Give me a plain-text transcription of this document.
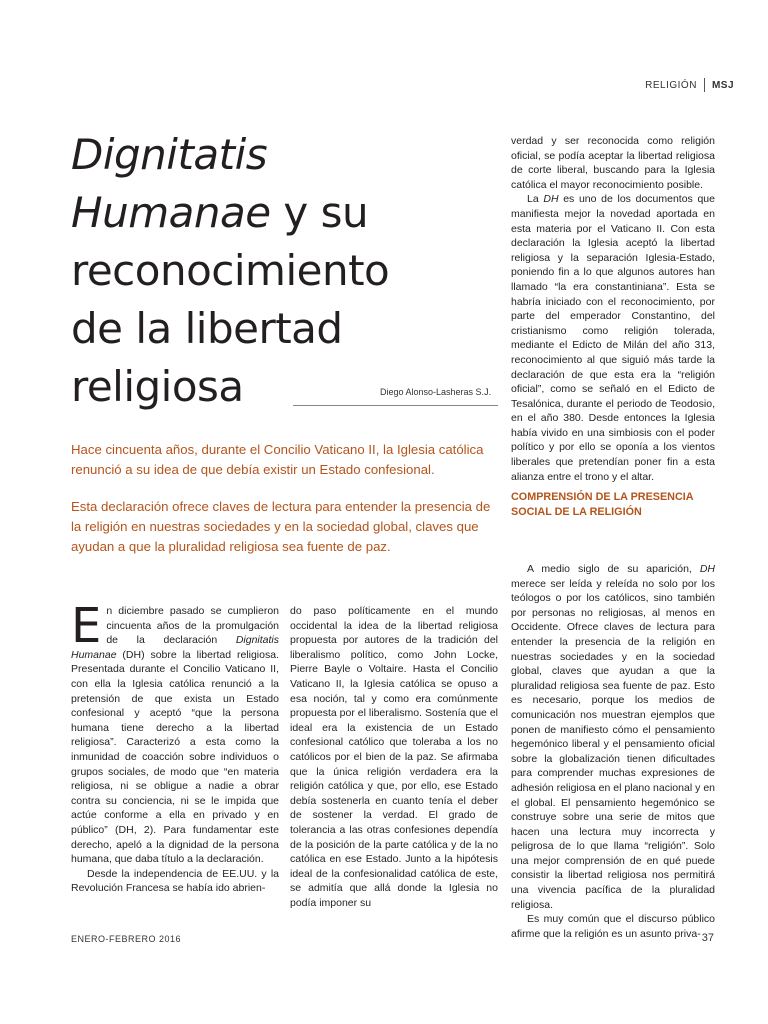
RELIGIÓN MSJ
Dignitatis
Humanae y su
reconocimiento
de la libertad
religiosa	Diego Alonso-Lasheras S.J.

Hace cincuenta años, durante el Concilio Vaticano II, la Iglesia católica renunció a su idea de que debía existir un Estado confesional.

Esta declaración ofrece claves de lectura para entender la presencia de la religión en nuestras sociedades y en la sociedad global, claves que ayudan a que la pluralidad religiosa sea fuente de paz.

En diciembre pasado se cumplieron cincuenta años de la promulgación de la declaración Dignitatis Humanae (DH) sobre la libertad religiosa. Presentada durante el Concilio Vaticano II, con ella la Iglesia católica renunció a la pretensión de que exista un Estado confesional y aceptó “que la persona humana tiene derecho a la libertad religiosa”. Caracterizó a esta como la inmunidad de coacción sobre individuos o grupos sociales, de modo que “en materia religiosa, ni se obligue a nadie a obrar contra su conciencia, ni se le impida que actúe conforme a ella en privado y en público” (DH, 2). Para fundamentar este derecho, apeló a la dignidad de la persona humana, que daba título a la declaración.

Desde la independencia de EE.UU. y la Revolución Francesa se había ido abrien-

do paso políticamente en el mundo occidental la idea de la libertad religiosa propuesta por autores de la tradición del liberalismo político, como John Locke, Pierre Bayle o Voltaire. Hasta el Concilio Vaticano II, la Iglesia católica se opuso a esa noción, tal y como era comúnmente propuesta por el liberalismo. Sostenía que el ideal era la existencia de un Estado confesional católico que toleraba a los no católicos por el bien de la paz. Se afirmaba que la única religión verdadera era la religión católica y que, por ello, ese Estado debía sostenerla en cuanto tenía el deber de sostener la verdad. El grado de tolerancia a las otras confesiones dependía de la posición de la parte católica y de la no católica en ese Estado. Junto a la hipótesis ideal de la confesionalidad católica de este, se admitía que allá donde la Iglesia no podía imponer su

verdad y ser reconocida como religión oficial, se podía aceptar la libertad religiosa de corte liberal, buscando para la Iglesia católica el mayor reconocimiento posible.

La DH es uno de los documentos que manifiesta mejor la novedad aportada en esta materia por el Vaticano II. Con esta declaración la Iglesia aceptó la libertad religiosa y la separación Iglesia-Estado, poniendo fin a lo que algunos autores han llamado “la era constantiniana”. Esta se habría iniciado con el reconocimiento, por parte del emperador Constantino, del cristianismo como religión tolerada, mediante el Edicto de Milán del año 313, reconocimiento al que siguió más tarde la declaración de que esta era la “religión oficial”, como se señaló en el Edicto de Tesalónica, durante el periodo de Teodosio, en el año 380. Desde entonces la Iglesia había vivido en una simbiosis con el poder político y por ello se oponía a los vientos liberales que pretendían poner fin a esta alianza entre el trono y el altar.

COMPRENSIÓN DE LA PRESENCIA SOCIAL DE LA RELIGIÓN

A medio siglo de su aparición, DH merece ser leída y releída no solo por los teólogos o por los católicos, sino también por personas no religiosas, al menos en Occidente. Ofrece claves de lectura para entender la presencia de la religión en nuestras sociedades y en la sociedad global, claves que ayudan a que la pluralidad religiosa sea fuente de paz. Esto es necesario, porque los medios de comunicación nos muestran ejemplos que ponen de manifiesto cómo el pensamiento hegemónico liberal y el pensamiento oficial sobre la globalización tienen dificultades para comprender muchas expresiones de adhesión religiosa en el plano nacional y en el global. El pensamiento hegemónico se construye sobre una serie de mitos que hacen una lectura muy incorrecta y peligrosa de lo que llama “religión”. Solo una mejor comprensión de en qué puede consistir la libertad religiosa nos permitirá una vivencia pacífica de la pluralidad religiosa.

Es muy común que el discurso público afirme que la religión es un asunto priva-

ENERO-FEBRERO 2016	37
